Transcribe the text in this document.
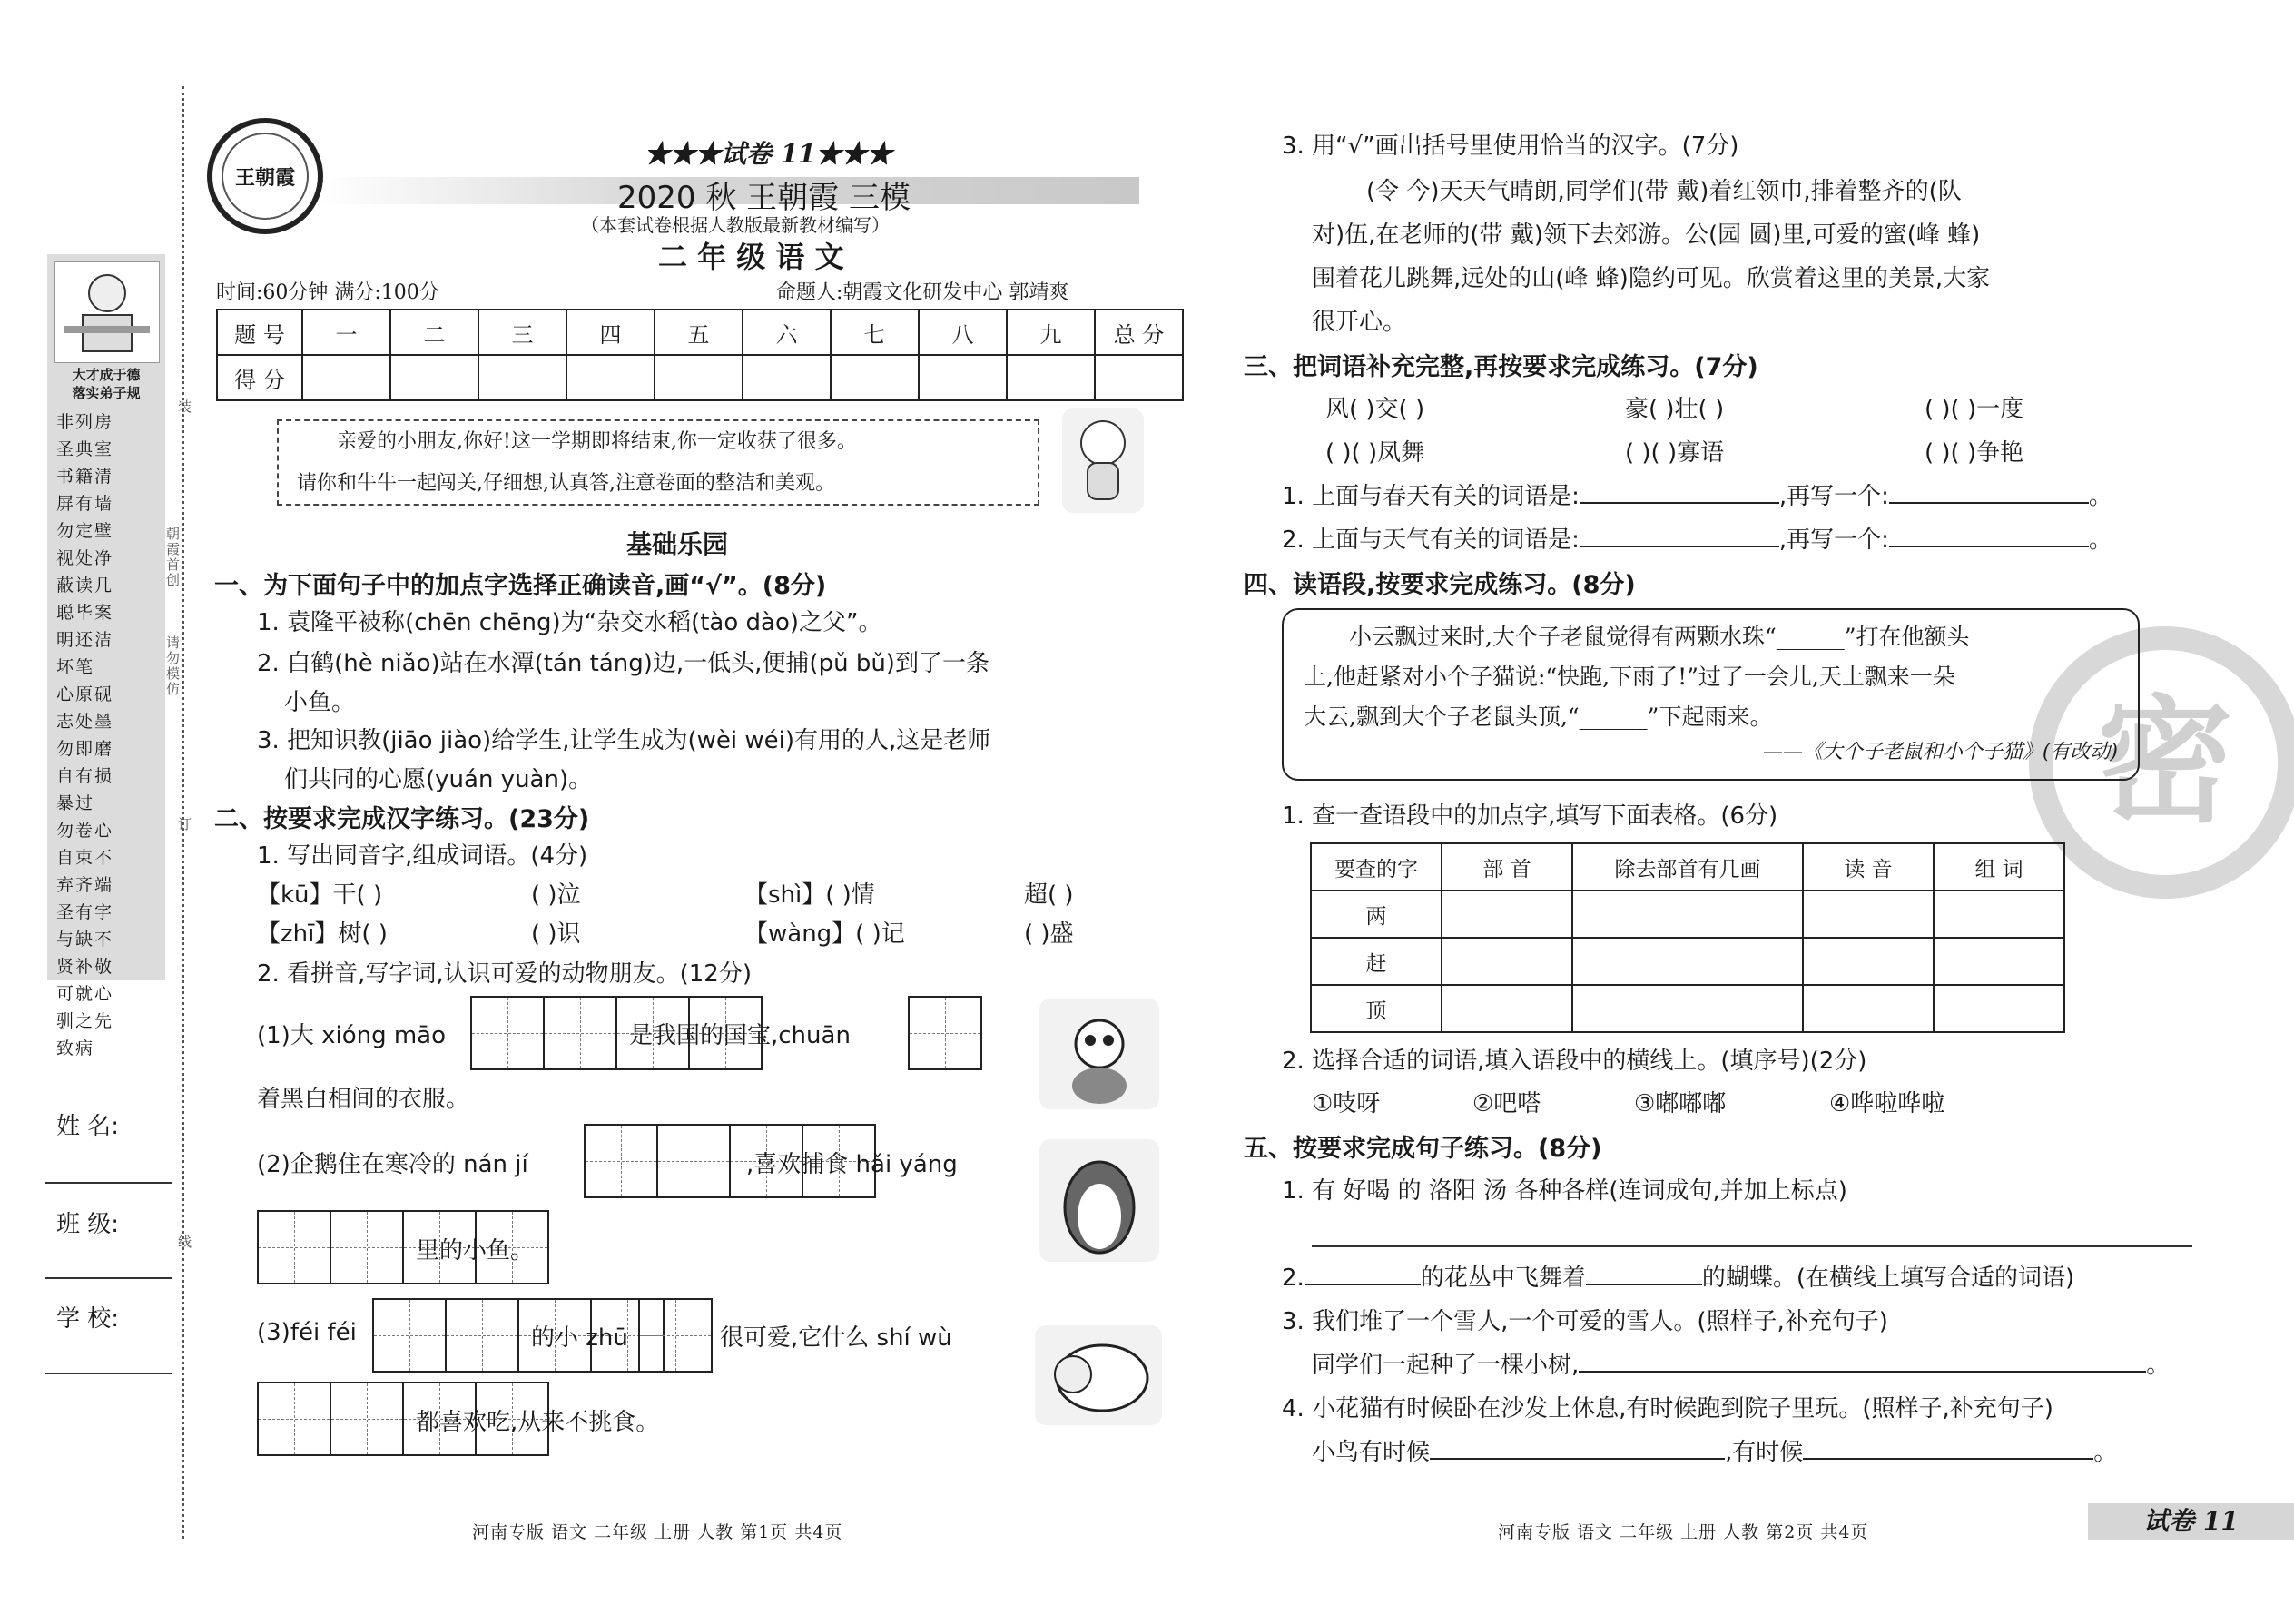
大才成于德
落实弟子规
非列房
圣典室
书籍清
屏有墙
勿定壁
视处净
蔽读几
聪毕案
明还洁
坏笔
心原砚
志处墨
勿即磨
自有损
暴过
勿卷心
自束不
弃齐端
圣有字
与缺不
贤补敬
可就心
驯之先
致病
装
订
线
朝霞首创
请勿模仿
姓 名:
班 级:
学 校:
王朝霞
★★★试卷 11★★★
2020 秋 王朝霞 三模
（本套试卷根据人教版最新教材编写）
二 年 级 语 文
时间:60分钟 满分:100分	命题人:朝霞文化研发中心 郭靖爽
题 号	一	二	三	四	五	六	七	八	九	总 分
得 分										
亲爱的小朋友,你好!这一学期即将结束,你一定收获了很多。
请你和牛牛一起闯关,仔细想,认真答,注意卷面的整洁和美观。
基础乐园
一、为下面句子中的加点字选择正确读音,画“√”。(8分)
1. 袁隆平被称(chēn chēng)为“杂交水稻(tào dào)之父”。
2. 白鹤(hè niǎo)站在水潭(tán táng)边,一低头,便捕(pǔ bǔ)到了一条
小鱼。
3. 把知识教(jiāo jiào)给学生,让学生成为(wèi wéi)有用的人,这是老师
们共同的心愿(yuán yuàn)。
二、按要求完成汉字练习。(23分)
1. 写出同音字,组成词语。(4分)
【kū】干( )	( )泣	【shì】( )情	超( )
【zhī】树( )	( )识	【wàng】( )记	( )盛
2. 看拼音,写字词,认识可爱的动物朋友。(12分)
(1)大 xióng māo	是我国的国宝,chuān
着黑白相间的衣服。
(2)企鹅住在寒冷的 nán jí	,喜欢捕食 hǎi yáng
里的小鱼。
(3)féi féi	的小 zhū	很可爱,它什么 shí wù
都喜欢吃,从来不挑食。
河南专版 语文 二年级 上册 人教 第1页 共4页
3. 用“√”画出括号里使用恰当的汉字。(7分)
(令 今)天天气晴朗,同学们(带 戴)着红领巾,排着整齐的(队
对)伍,在老师的(带 戴)领下去郊游。公(园 圆)里,可爱的蜜(峰 蜂)
围着花儿跳舞,远处的山(峰 蜂)隐约可见。欣赏着这里的美景,大家
很开心。
三、把词语补充完整,再按要求完成练习。(7分)
风( )交( )	豪( )壮( )	( )( )一度
( )( )凤舞	( )( )寡语	( )( )争艳
1. 上面与春天有关的词语是:	,再写一个:	。
2. 上面与天气有关的词语是:	,再写一个:	。
四、读语段,按要求完成练习。(8分)
密
小云飘过来时,大个子老鼠觉得有两颗水珠“______”打在他额头
上,他赶紧对小个子猫说:“快跑,下雨了!”过了一会儿,天上飘来一朵
大云,飘到大个子老鼠头顶,“______”下起雨来。
——《大个子老鼠和小个子猫》(有改动)
1. 查一查语段中的加点字,填写下面表格。(6分)
要查的字	部 首	除去部首有几画	读 音	组 词
两				
赶				
顶				
2. 选择合适的词语,填入语段中的横线上。(填序号)(2分)
①吱呀	②吧嗒	③嘟嘟嘟	④哗啦哗啦
五、按要求完成句子练习。(8分)
1. 有 好喝 的 洛阳 汤 各种各样(连词成句,并加上标点)
2.	的花丛中飞舞着	的蝴蝶。(在横线上填写合适的词语)
3. 我们堆了一个雪人,一个可爱的雪人。(照样子,补充句子)
同学们一起种了一棵小树,	。
4. 小花猫有时候卧在沙发上休息,有时候跑到院子里玩。(照样子,补充句子)
小鸟有时候	,有时候	。
河南专版 语文 二年级 上册 人教 第2页 共4页	试卷 11
